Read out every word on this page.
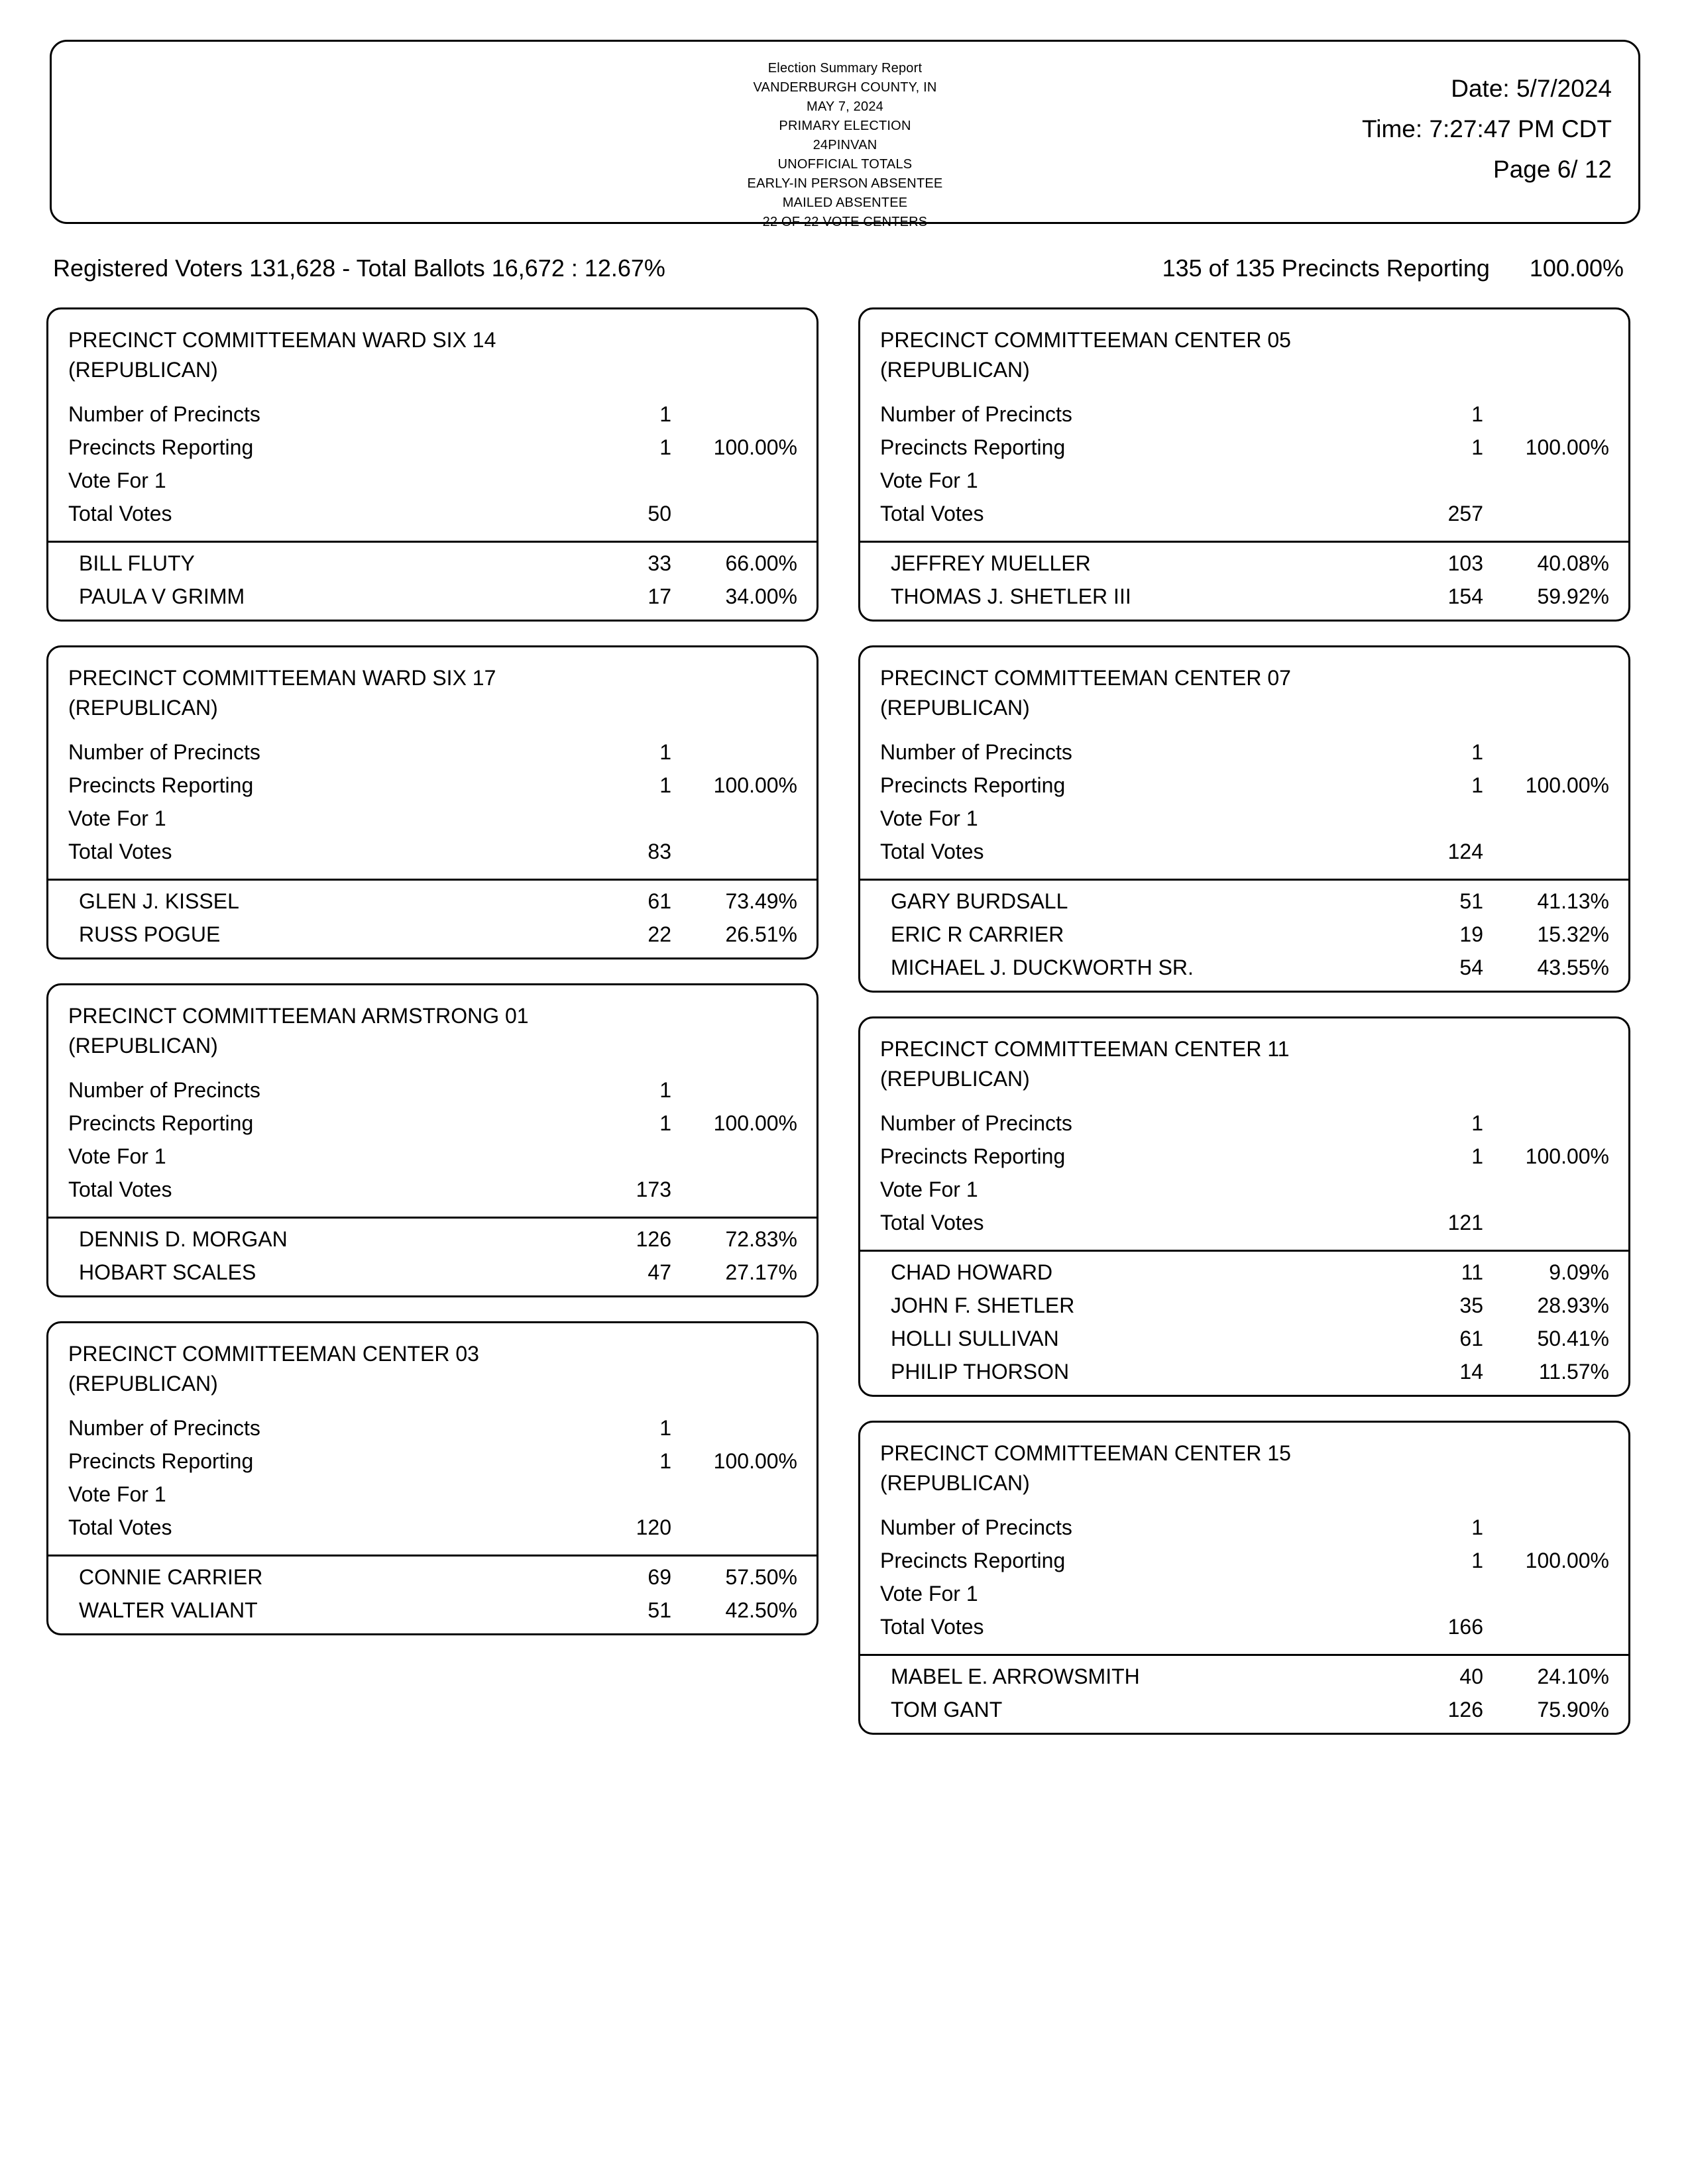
Election Summary Report
VANDERBURGH COUNTY, IN
MAY 7, 2024
PRIMARY ELECTION
24PINVAN
UNOFFICIAL TOTALS
EARLY-IN PERSON ABSENTEE
MAILED ABSENTEE
22 OF 22 VOTE CENTERS
Date: 5/7/2024
Time: 7:27:47 PM CDT
Page 6/ 12
Registered Voters 131,628 - Total Ballots 16,672 : 12.67%	135 of 135 Precincts Reporting 100.00%
PRECINCT COMMITTEEMAN WARD SIX 14
(REPUBLICAN)
Number of Precincts	1
Precincts Reporting	1	100.00%
Vote For 1
Total Votes	50
BILL FLUTY	33	66.00%
PAULA V GRIMM	17	34.00%
PRECINCT COMMITTEEMAN WARD SIX 17
(REPUBLICAN)
Number of Precincts	1
Precincts Reporting	1	100.00%
Vote For 1
Total Votes	83
GLEN J. KISSEL	61	73.49%
RUSS POGUE	22	26.51%
PRECINCT COMMITTEEMAN ARMSTRONG 01
(REPUBLICAN)
Number of Precincts	1
Precincts Reporting	1	100.00%
Vote For 1
Total Votes	173
DENNIS D. MORGAN	126	72.83%
HOBART SCALES	47	27.17%
PRECINCT COMMITTEEMAN CENTER 03
(REPUBLICAN)
Number of Precincts	1
Precincts Reporting	1	100.00%
Vote For 1
Total Votes	120
CONNIE CARRIER	69	57.50%
WALTER VALIANT	51	42.50%
PRECINCT COMMITTEEMAN CENTER 05
(REPUBLICAN)
Number of Precincts	1
Precincts Reporting	1	100.00%
Vote For 1
Total Votes	257
JEFFREY MUELLER	103	40.08%
THOMAS J. SHETLER III	154	59.92%
PRECINCT COMMITTEEMAN CENTER 07
(REPUBLICAN)
Number of Precincts	1
Precincts Reporting	1	100.00%
Vote For 1
Total Votes	124
GARY BURDSALL	51	41.13%
ERIC R CARRIER	19	15.32%
MICHAEL J. DUCKWORTH SR.	54	43.55%
PRECINCT COMMITTEEMAN CENTER 11
(REPUBLICAN)
Number of Precincts	1
Precincts Reporting	1	100.00%
Vote For 1
Total Votes	121
CHAD HOWARD	11	9.09%
JOHN F. SHETLER	35	28.93%
HOLLI SULLIVAN	61	50.41%
PHILIP THORSON	14	11.57%
PRECINCT COMMITTEEMAN CENTER 15
(REPUBLICAN)
Number of Precincts	1
Precincts Reporting	1	100.00%
Vote For 1
Total Votes	166
MABEL E. ARROWSMITH	40	24.10%
TOM GANT	126	75.90%
